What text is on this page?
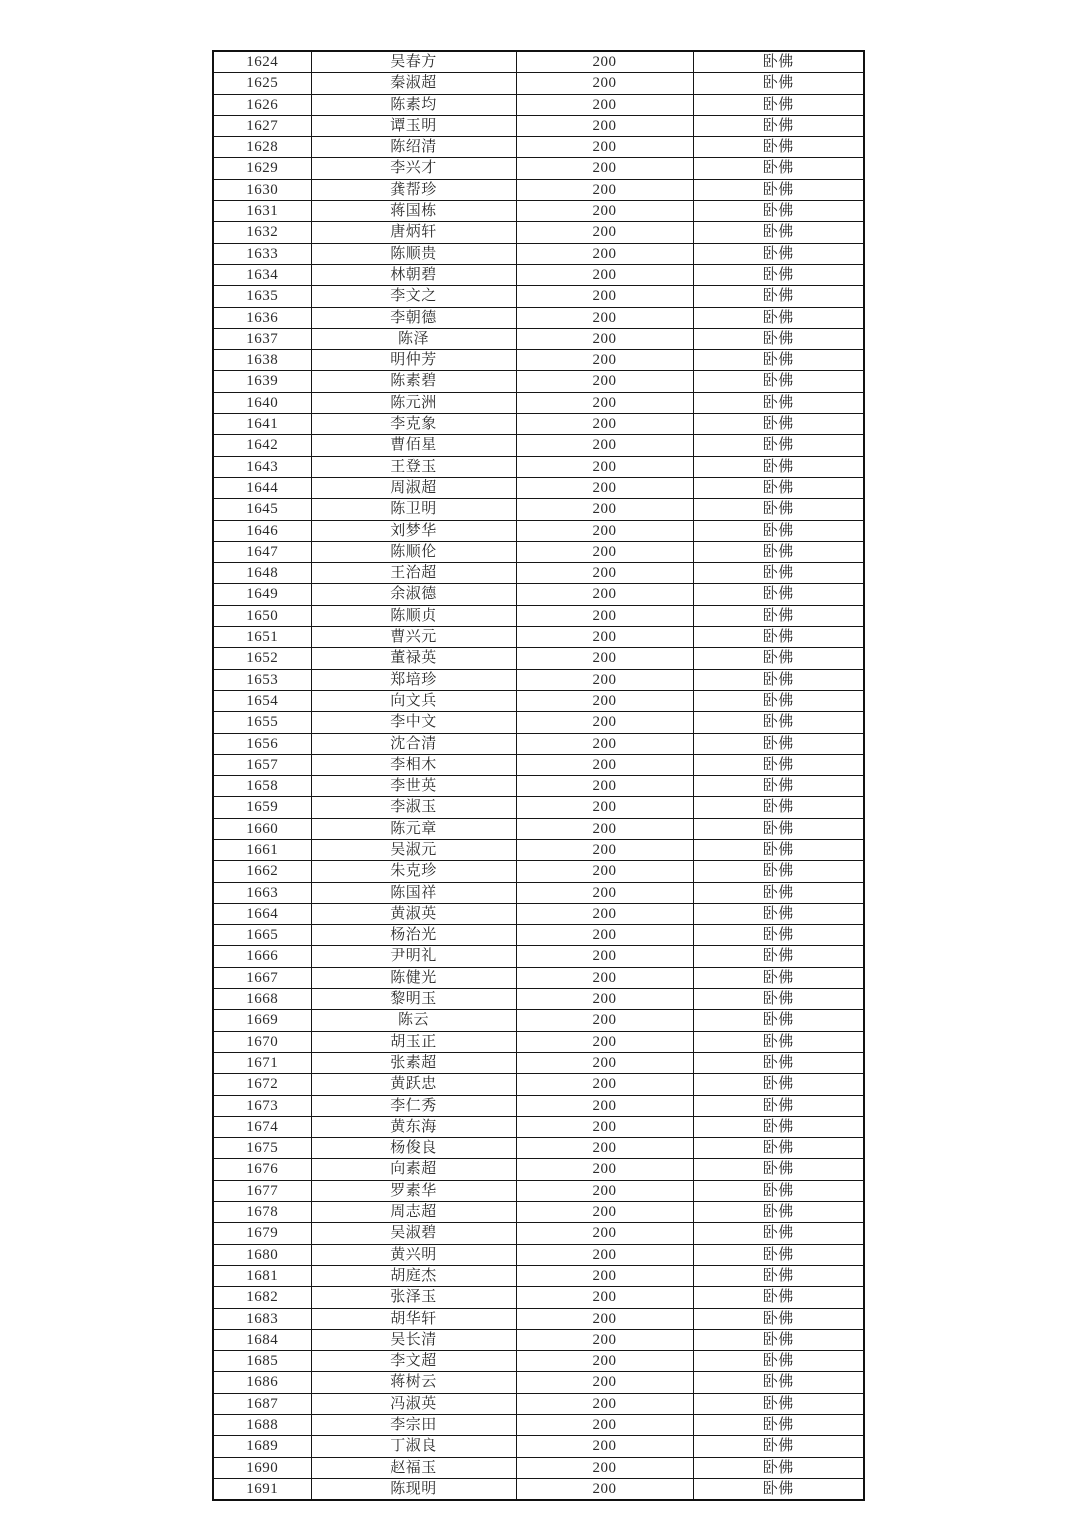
1624	吴春方	200	卧佛
1625	秦淑超	200	卧佛
1626	陈素均	200	卧佛
1627	谭玉明	200	卧佛
1628	陈绍清	200	卧佛
1629	李兴才	200	卧佛
1630	龚帮珍	200	卧佛
1631	蒋国栋	200	卧佛
1632	唐炳轩	200	卧佛
1633	陈顺贵	200	卧佛
1634	林朝碧	200	卧佛
1635	李文之	200	卧佛
1636	李朝德	200	卧佛
1637	陈泽	200	卧佛
1638	明仲芳	200	卧佛
1639	陈素碧	200	卧佛
1640	陈元洲	200	卧佛
1641	李克象	200	卧佛
1642	曹佰星	200	卧佛
1643	王登玉	200	卧佛
1644	周淑超	200	卧佛
1645	陈卫明	200	卧佛
1646	刘梦华	200	卧佛
1647	陈顺伦	200	卧佛
1648	王治超	200	卧佛
1649	余淑德	200	卧佛
1650	陈顺贞	200	卧佛
1651	曹兴元	200	卧佛
1652	董禄英	200	卧佛
1653	郑培珍	200	卧佛
1654	向文兵	200	卧佛
1655	李中文	200	卧佛
1656	沈合清	200	卧佛
1657	李相木	200	卧佛
1658	李世英	200	卧佛
1659	李淑玉	200	卧佛
1660	陈元章	200	卧佛
1661	吴淑元	200	卧佛
1662	朱克珍	200	卧佛
1663	陈国祥	200	卧佛
1664	黄淑英	200	卧佛
1665	杨治光	200	卧佛
1666	尹明礼	200	卧佛
1667	陈健光	200	卧佛
1668	黎明玉	200	卧佛
1669	陈云	200	卧佛
1670	胡玉正	200	卧佛
1671	张素超	200	卧佛
1672	黄跃忠	200	卧佛
1673	李仁秀	200	卧佛
1674	黄东海	200	卧佛
1675	杨俊良	200	卧佛
1676	向素超	200	卧佛
1677	罗素华	200	卧佛
1678	周志超	200	卧佛
1679	吴淑碧	200	卧佛
1680	黄兴明	200	卧佛
1681	胡庭杰	200	卧佛
1682	张泽玉	200	卧佛
1683	胡华轩	200	卧佛
1684	吴长清	200	卧佛
1685	李文超	200	卧佛
1686	蒋树云	200	卧佛
1687	冯淑英	200	卧佛
1688	李宗田	200	卧佛
1689	丁淑良	200	卧佛
1690	赵福玉	200	卧佛
1691	陈现明	200	卧佛
